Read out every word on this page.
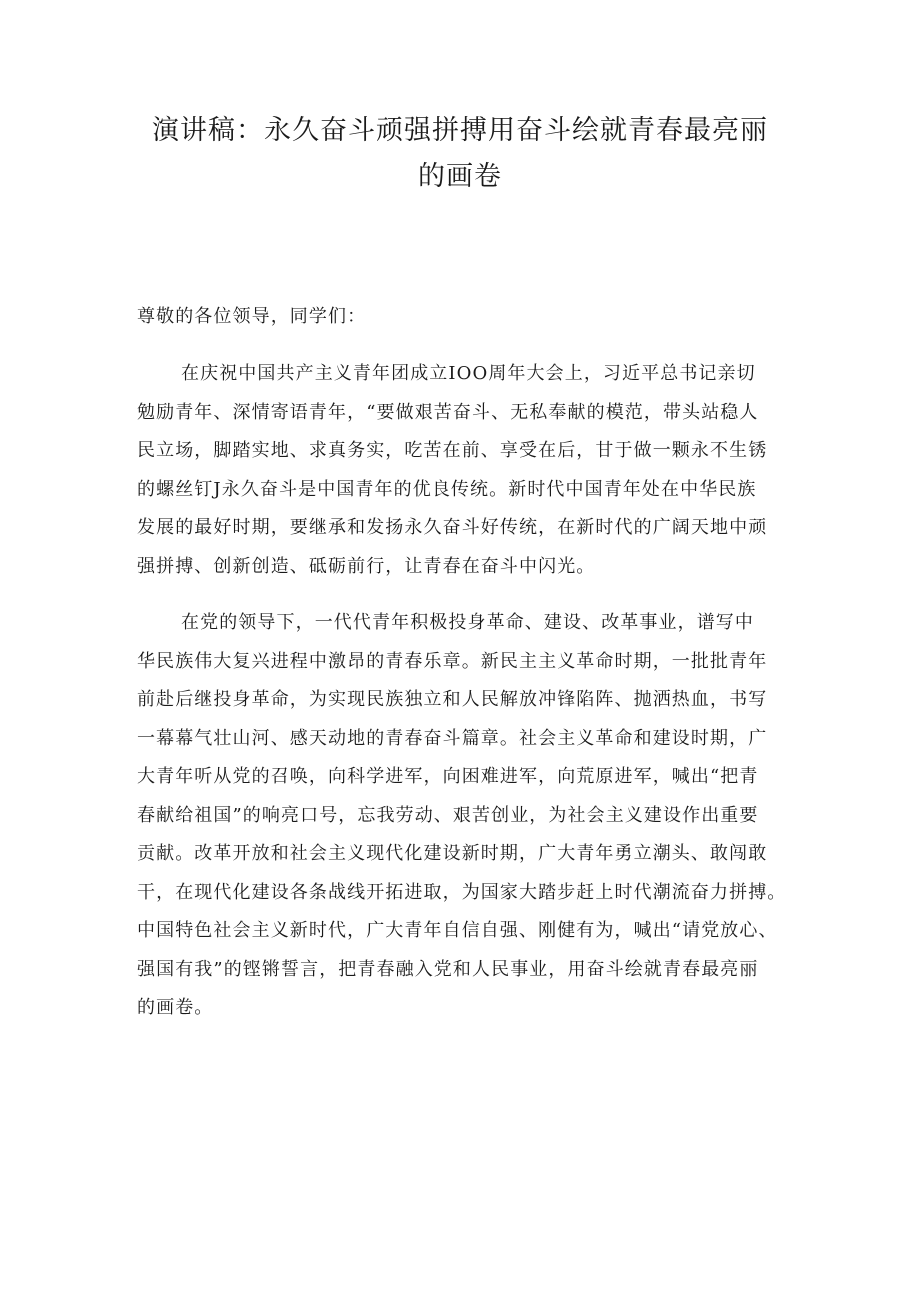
演讲稿：永久奋斗顽强拼搏用奋斗绘就青春最亮丽
的画卷
尊敬的各位领导，同学们：
在庆祝中国共产主义青年团成立IOO周年大会上，习近平总书记亲切
勉励青年、深情寄语青年，“要做艰苦奋斗、无私奉献的模范，带头站稳人
民立场，脚踏实地、求真务实，吃苦在前、享受在后，甘于做一颗永不生锈
的螺丝钉J永久奋斗是中国青年的优良传统。新时代中国青年处在中华民族
发展的最好时期，要继承和发扬永久奋斗好传统，在新时代的广阔天地中顽
强拼搏、创新创造、砥砺前行，让青春在奋斗中闪光。
在党的领导下，一代代青年积极投身革命、建设、改革事业，谱写中
华民族伟大复兴进程中激昂的青春乐章。新民主主义革命时期，一批批青年
前赴后继投身革命，为实现民族独立和人民解放冲锋陷阵、抛洒热血，书写
一幕幕气壮山河、感天动地的青春奋斗篇章。社会主义革命和建设时期，广
大青年听从党的召唤，向科学进军，向困难进军，向荒原进军，喊出“把青
春献给祖国”的响亮口号，忘我劳动、艰苦创业，为社会主义建设作出重要
贡献。改革开放和社会主义现代化建设新时期，广大青年勇立潮头、敢闯敢
干，在现代化建设各条战线开拓进取，为国家大踏步赶上时代潮流奋力拼搏。
中国特色社会主义新时代，广大青年自信自强、刚健有为，喊出“请党放心、
强国有我”的铿锵誓言，把青春融入党和人民事业，用奋斗绘就青春最亮丽
的画卷。
